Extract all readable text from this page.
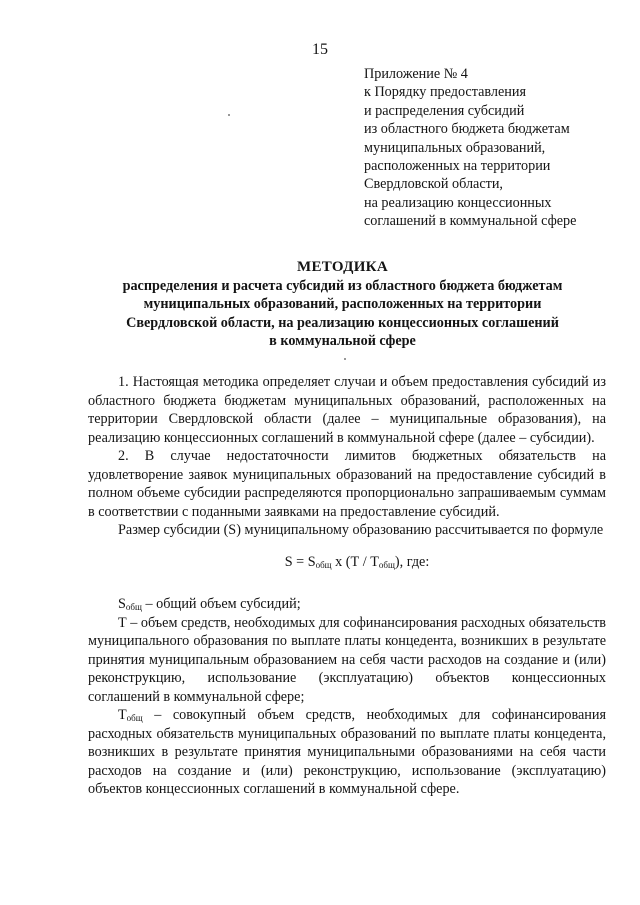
15
Приложение № 4
к Порядку предоставления
и распределения субсидий
из областного бюджета бюджетам
муниципальных образований,
расположенных на территории
Свердловской области,
на реализацию концессионных
соглашений в коммунальной сфере
МЕТОДИКА
распределения и расчета субсидий из областного бюджета бюджетам
муниципальных образований, расположенных на территории
Свердловской области, на реализацию концессионных соглашений
в коммунальной сфере

1. Настоящая методика определяет случаи и объем предоставления субсидий из областного бюджета бюджетам муниципальных образований, расположенных на территории Свердловской области (далее – муниципальные образования), на реализацию концессионных соглашений в коммунальной сфере (далее – субсидии).

2. В случае недостаточности лимитов бюджетных обязательств на удовлетворение заявок муниципальных образований на предоставление субсидий в полном объеме субсидии распределяются пропорционально запрашиваемым суммам в соответствии с поданными заявками на предоставление субсидий.

Размер субсидии (S) муниципальному образованию рассчитывается по формуле

$S = S_{общ}$ х $(Т / Т_{общ})$, где:

$S_{общ}$ – общий объем субсидий;

Т – объем средств, необходимых для софинансирования расходных обязательств муниципального образования по выплате платы концедента, возникших в результате принятия муниципальным образованием на себя части расходов на создание и (или) реконструкцию, использование (эксплуатацию) объектов концессионных соглашений в коммунальной сфере;

$Т_{общ}$ – совокупный объем средств, необходимых для софинансирования расходных обязательств муниципальных образований по выплате платы концедента, возникших в результате принятия муниципальными образованиями на себя части расходов на создание и (или) реконструкцию, использование (эксплуатацию) объектов концессионных соглашений в коммунальной сфере.
